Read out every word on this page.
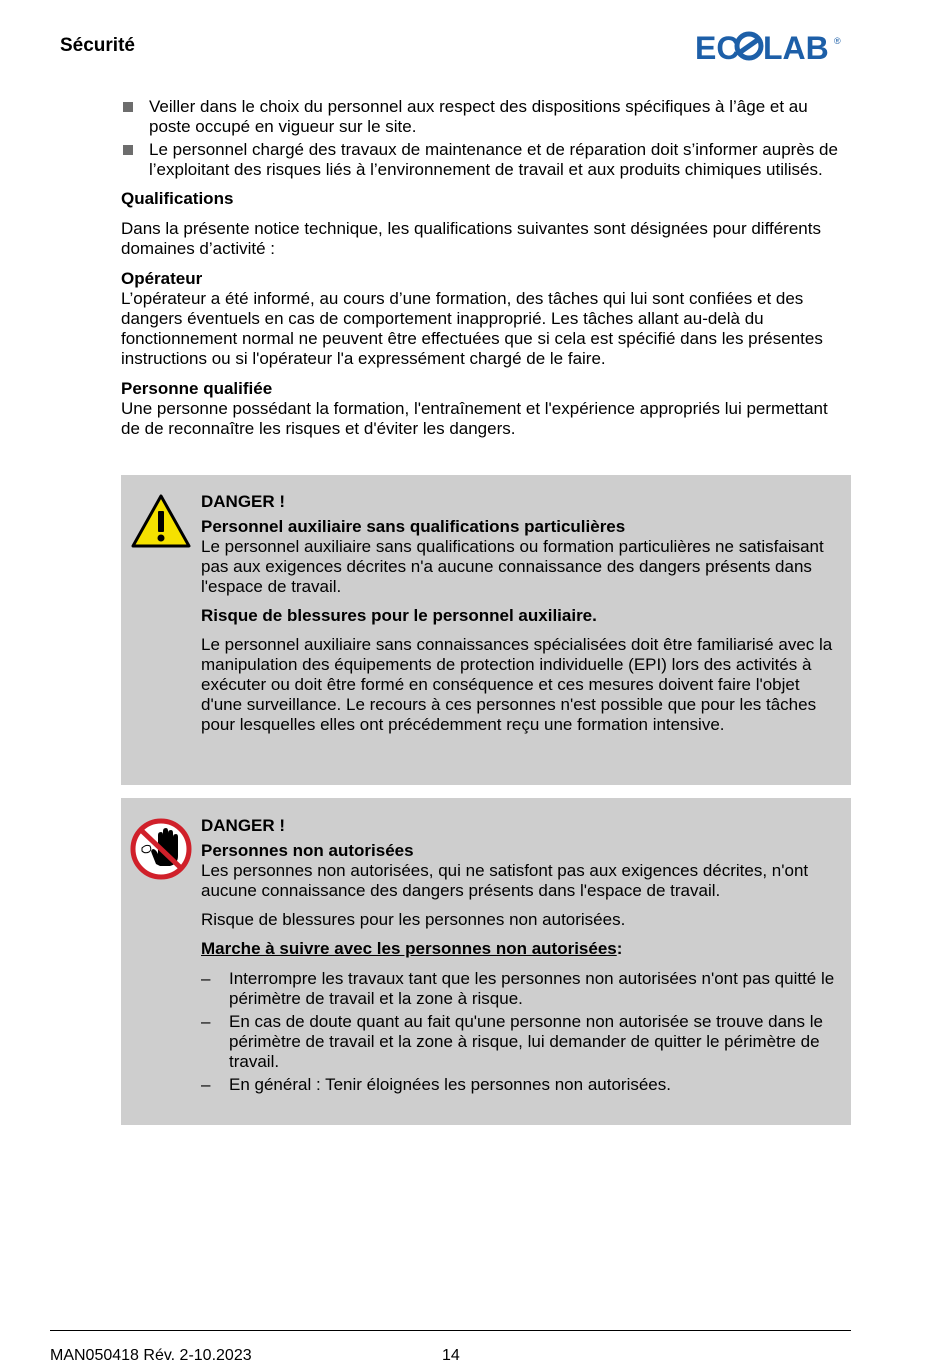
Sécurité	EC LAB ®
Veiller dans le choix du personnel aux respect des dispositions spécifiques à l’âge et au poste occupé en vigueur sur le site.
Le personnel chargé des travaux de maintenance et de réparation doit s’informer auprès de l’exploitant des risques liés à l’environnement de travail et aux produits chimiques utilisés.

Qualifications

Dans la présente notice technique, les qualifications suivantes sont désignées pour différents domaines d’activité :

Opérateur

L’opérateur a été informé, au cours d’une formation, des tâches qui lui sont confiées et des dangers éventuels en cas de comportement inapproprié. Les tâches allant au-delà du fonctionnement normal ne peuvent être effectuées que si cela est spécifié dans les présentes instructions ou si l'opérateur l'a expressément chargé de le faire.

Personne qualifiée

Une personne possédant la formation, l'entraînement et l'expérience appropriés lui permettant de de reconnaître les risques et d'éviter les dangers.

DANGER !

Personnel auxiliaire sans qualifications particulières

Le personnel auxiliaire sans qualifications ou formation particulières ne satisfaisant pas aux exigences décrites n'a aucune connaissance des dangers présents dans l'espace de travail.

Risque de blessures pour le personnel auxiliaire.

Le personnel auxiliaire sans connaissances spécialisées doit être familiarisé avec la manipulation des équipements de protection individuelle (EPI) lors des activités à exécuter ou doit être formé en conséquence et ces mesures doivent faire l'objet d'une surveillance. Le recours à ces personnes n'est possible que pour les tâches pour lesquelles elles ont précédemment reçu une formation intensive.

DANGER !

Personnes non autorisées

Les personnes non autorisées, qui ne satisfont pas aux exigences décrites, n'ont aucune connaissance des dangers présents dans l'espace de travail.

Risque de blessures pour les personnes non autorisées.

Marche à suivre avec les personnes non autorisées:

– Interrompre les travaux tant que les personnes non autorisées n'ont pas quitté le périmètre de travail et la zone à risque.
– En cas de doute quant au fait qu'une personne non autorisée se trouve dans le périmètre de travail et la zone à risque, lui demander de quitter le périmètre de travail.
– En général : Tenir éloignées les personnes non autorisées.
MAN050418 Rév. 2-10.2023	14
